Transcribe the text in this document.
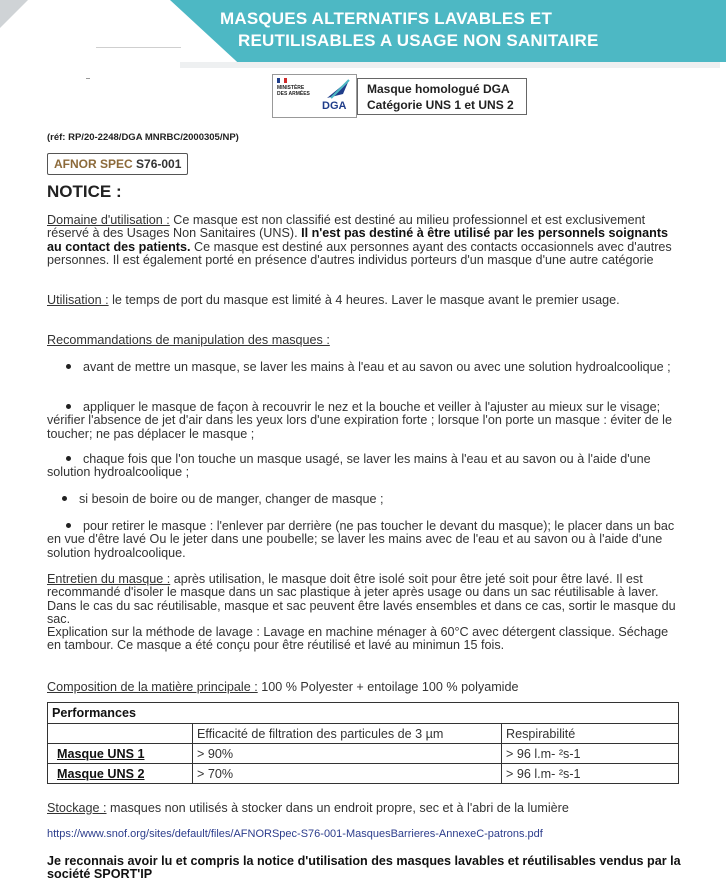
MASQUES ALTERNATIFS LAVABLES ET
REUTILISABLES A USAGE NON SANITAIRE
MINISTÈRE DES ARMÉES
DGA
Masque homologué DGA
Catégorie UNS 1 et UNS 2
(réf: RP/20-2248/DGA MNRBC/2000305/NP)
AFNOR SPEC S76-001
NOTICE :
Domaine d'utilisation : Ce masque est non classifié est destiné au milieu professionnel et est exclusivement réservé à des Usages Non Sanitaires (UNS). Il n'est pas destiné à être utilisé par les personnels soignants au contact des patients. Ce masque est destiné aux personnes ayant des contacts occasionnels avec d'autres personnes. Il est également porté en présence d'autres individus porteurs d'un masque d'une autre catégorie
Utilisation : le temps de port du masque est limité à 4 heures. Laver le masque avant le premier usage.
Recommandations de manipulation des masques :
avant de mettre un masque, se laver les mains à l'eau et au savon ou avec une solution hydroalcoolique ;
appliquer le masque de façon à recouvrir le nez et la bouche et veiller à l'ajuster au mieux sur le visage; vérifier l'absence de jet d'air dans les yeux lors d'une expiration forte ; lorsque l'on porte un masque : éviter de le toucher; ne pas déplacer le masque ;
chaque fois que l'on touche un masque usagé, se laver les mains à l'eau et au savon ou à l'aide d'une solution hydroalcoolique ;
si besoin de boire ou de manger, changer de masque ;
pour retirer le masque : l'enlever par derrière (ne pas toucher le devant du masque); le placer dans un bac en vue d'être lavé Ou le jeter dans une poubelle; se laver les mains avec de l'eau et au savon ou à l'aide d'une solution hydroalcoolique.
Entretien du masque : après utilisation, le masque doit être isolé soit pour être jeté soit pour être lavé. Il est recommandé d'isoler le masque dans un sac plastique à jeter après usage ou dans un sac réutilisable à laver. Dans le cas du sac réutilisable, masque et sac peuvent être lavés ensembles et dans ce cas, sortir le masque du sac.
Explication sur la méthode de lavage : Lavage en machine ménager à 60°C avec détergent classique. Séchage en tambour. Ce masque a été conçu pour être réutilisé et lavé au minimun 15 fois.
Composition de la matière principale : 100 % Polyester + entoilage 100 % polyamide
Performances		
	Efficacité de filtration des particules de 3 µm	Respirabilité
Masque UNS 1	> 90%	> 96 l.m- ²s-1
Masque UNS 2	> 70%	> 96 l.m- ²s-1
Stockage : masques non utilisés à stocker dans un endroit propre, sec et à l'abri de la lumière
https://www.snof.org/sites/default/files/AFNORSpec-S76-001-MasquesBarrieres-AnnexeC-patrons.pdf
Je reconnais avoir lu et compris la notice d'utilisation des masques lavables et réutilisables vendus par la société SPORT'IP
